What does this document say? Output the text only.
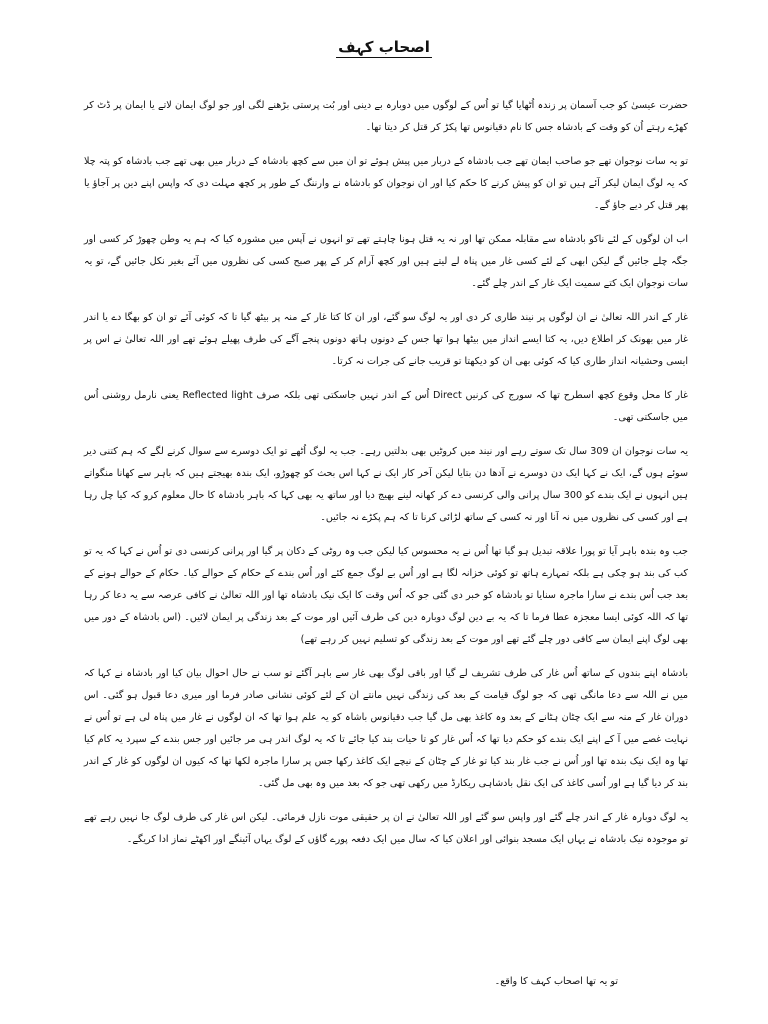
اصحاب کہف

حضرت عیسیٰ کو جب آسمان پر زندہ اُٹھایا گیا تو اُس کے لوگوں میں دوبارہ بے دینی اور بُت پرستی بڑھنے لگی اور جو لوگ ایمان لاتے یا ایمان پر ڈٹ کر کھڑے رہتے اُن کو وقت کے بادشاہ جس کا نام دقیانوس تھا پکڑ کر قتل کر دیتا تھا۔

تو یہ سات نوجوان تھے جو صاحب ایمان تھے جب بادشاہ کے دربار میں پیش ہوئے تو ان میں سے کچھ بادشاہ کے دربار میں بھی تھے جب بادشاہ کو پتہ چلا کہ یہ لوگ ایمان لیکر آئے ہیں تو ان کو پیش کرنے کا حکم کیا اور ان نوجوان کو بادشاہ نے وارننگ کے طور پر کچھ مہلت دی کہ واپس اپنے دین پر آجاؤ یا پھر قتل کر دیے جاؤ گے۔

اب ان لوگوں کے لئے ناکو بادشاہ سے مقابلہ ممکن تھا اور نہ یہ قتل ہونا چاہتے تھے تو انہوں نے آپس میں مشورہ کیا کہ ہم یہ وطن چھوڑ کر کسی اور جگہ چلے جائیں گے لیکن ابھی کے لئے کسی غار میں پناہ لے لیتے ہیں اور کچھ آرام کر کے پھر صبح کسی کی نظروں میں آئے بغیر نکل جائیں گے، تو یہ سات نوجوان ایک کتے سمیت ایک غار کے اندر چلے گئے۔

غار کے اندر اللہ تعالیٰ نے ان لوگوں پر نیند طاری کر دی اور یہ لوگ سو گئے، اور ان کا کتا غار کے منہ پر بیٹھ گیا تا کہ کوئی آئے تو ان کو بھگا دے یا اندر غار میں بھونک کر اطلاع دیں، یہ کتا ایسے انداز میں بیٹھا ہوا تھا جس کے دونوں ہاتھ دونوں پنجے آگے کی طرف پھیلے ہوئے تھے اور اللہ تعالیٰ نے اس پر ایسی وحشیانہ انداز طاری کیا کہ کوئی بھی ان کو دیکھتا تو قریب جانے کی جرات نہ کرتا۔

غار کا محل وقوع کچھ اسطرح تھا کہ سورج کی کرنیں Direct اُس کے اندر نہیں جاسکتی تھی بلکہ صرف Reflected light یعنی نارمل روشنی اُس میں جاسکتی تھی۔

یہ سات نوجوان ان 309 سال تک سوتے رہے اور نیند میں کروٹیں بھی بدلتیں رہے۔ جب یہ لوگ اُٹھے تو ایک دوسرے سے سوال کرنے لگے کہ ہم کتنی دیر سوئے ہوں گے، ایک نے کہا ایک دن دوسرے نے آدھا دن بتایا لیکن آخر کار ایک نے کہا اس بحث کو چھوڑو، ایک بندہ بھیجتے ہیں کہ باہر سے کھانا منگواتے ہیں انہوں نے ایک بندے کو 300 سال پرانی والی کرنسی دے کر کھانہ لینے بھیج دیا اور ساتھ یہ بھی کہا کہ باہر بادشاہ کا حال معلوم کرو کہ کیا چل رہا ہے اور کسی کی نظروں میں نہ آنا اور نہ کسی کے ساتھ لڑائی کرنا تا کہ ہم پکڑے نہ جائیں۔

جب وہ بندہ باہر آیا تو پورا علاقہ تبدیل ہو گیا تھا اُس نے یہ محسوس کیا لیکن جب وہ روٹی کے دکان پر گیا اور پرانی کرنسی دی تو اُس نے کہا کہ یہ تو کب کی بند ہو چکی ہے بلکہ تمہارے ہاتھ تو کوئی خزانہ لگا ہے اور اُس بے لوگ جمع کئے اور اُس بندے کے حکام کے حوالے کیا۔ حکام کے حوالے ہونے کے بعد جب اُس بندے نے سارا ماجرہ سنایا تو بادشاہ کو خبر دی گئی جو کہ اُس وقت کا ایک نیک بادشاہ تھا اور اللہ تعالیٰ نے کافی عرصہ سے یہ دعا کر رہا تھا کہ اللہ کوئی ایسا معجزہ عطا فرما تا کہ یہ بے دین لوگ دوبارہ دین کی طرف آئیں اور موت کے بعد زندگی پر ایمان لائیں۔ (اس بادشاہ کے دور میں بھی لوگ اپنے ایمان سے کافی دور چلے گئے تھے اور موت کے بعد زندگی کو تسلیم نہیں کر رہے تھے)

بادشاہ اپنے بندوں کے ساتھ اُس غار کی طرف تشریف لے گیا اور باقی لوگ بھی غار سے باہر آگئے تو سب نے حال احوال بیان کیا اور بادشاہ نے کہا کہ میں نے اللہ سے دعا مانگی تھی کہ جو لوگ قیامت کے بعد کی زندگی نہیں مانتے ان کے لئے کوئی نشانی صادر فرما اور میری دعا قبول ہو گئی۔ اس دوران غار کے منہ سے ایک چٹان ہٹانے کے بعد وہ کاغذ بھی مل گیا جب دقیانوس باشاہ کو یہ علم ہوا تھا کہ ان لوگوں نے غار میں پناہ لی ہے تو اُس نے نہایت غصے میں آ کے اپنے ایک بندے کو حکم دیا تھا کہ اُس غار کو تا حیات بند کیا جائے تا کہ یہ لوگ اندر ہی مر جائیں اور جس بندے کے سپرد یہ کام کیا تھا وہ ایک نیک بندہ تھا اور اُس نے جب غار بند کیا تو غار کے چٹان کے نیچے ایک کاغذ رکھا جس پر سارا ماجرہ لکھا تھا کہ کیوں ان لوگوں کو غار کے اندر بند کر دیا گیا ہے اور اُسی کاغذ کی ایک نقل بادشاہی ریکارڈ میں رکھی تھی جو کہ بعد میں وہ بھی مل گئی۔

یہ لوگ دوبارہ غار کے اندر چلے گئے اور واپس سو گئے اور اللہ تعالیٰ نے ان پر حقیقی موت نازل فرمائی۔ لیکن اس غار کی طرف لوگ جا نہیں رہے تھے تو موجودہ نیک بادشاہ نے یہاں ایک مسجد بنوائی اور اعلان کیا کہ سال میں ایک دفعہ پورے گاؤں کے لوگ یہاں آئینگے اور اکھٹے نماز ادا کریگے۔

تو یہ تھا اصحاب کہف کا واقع۔
